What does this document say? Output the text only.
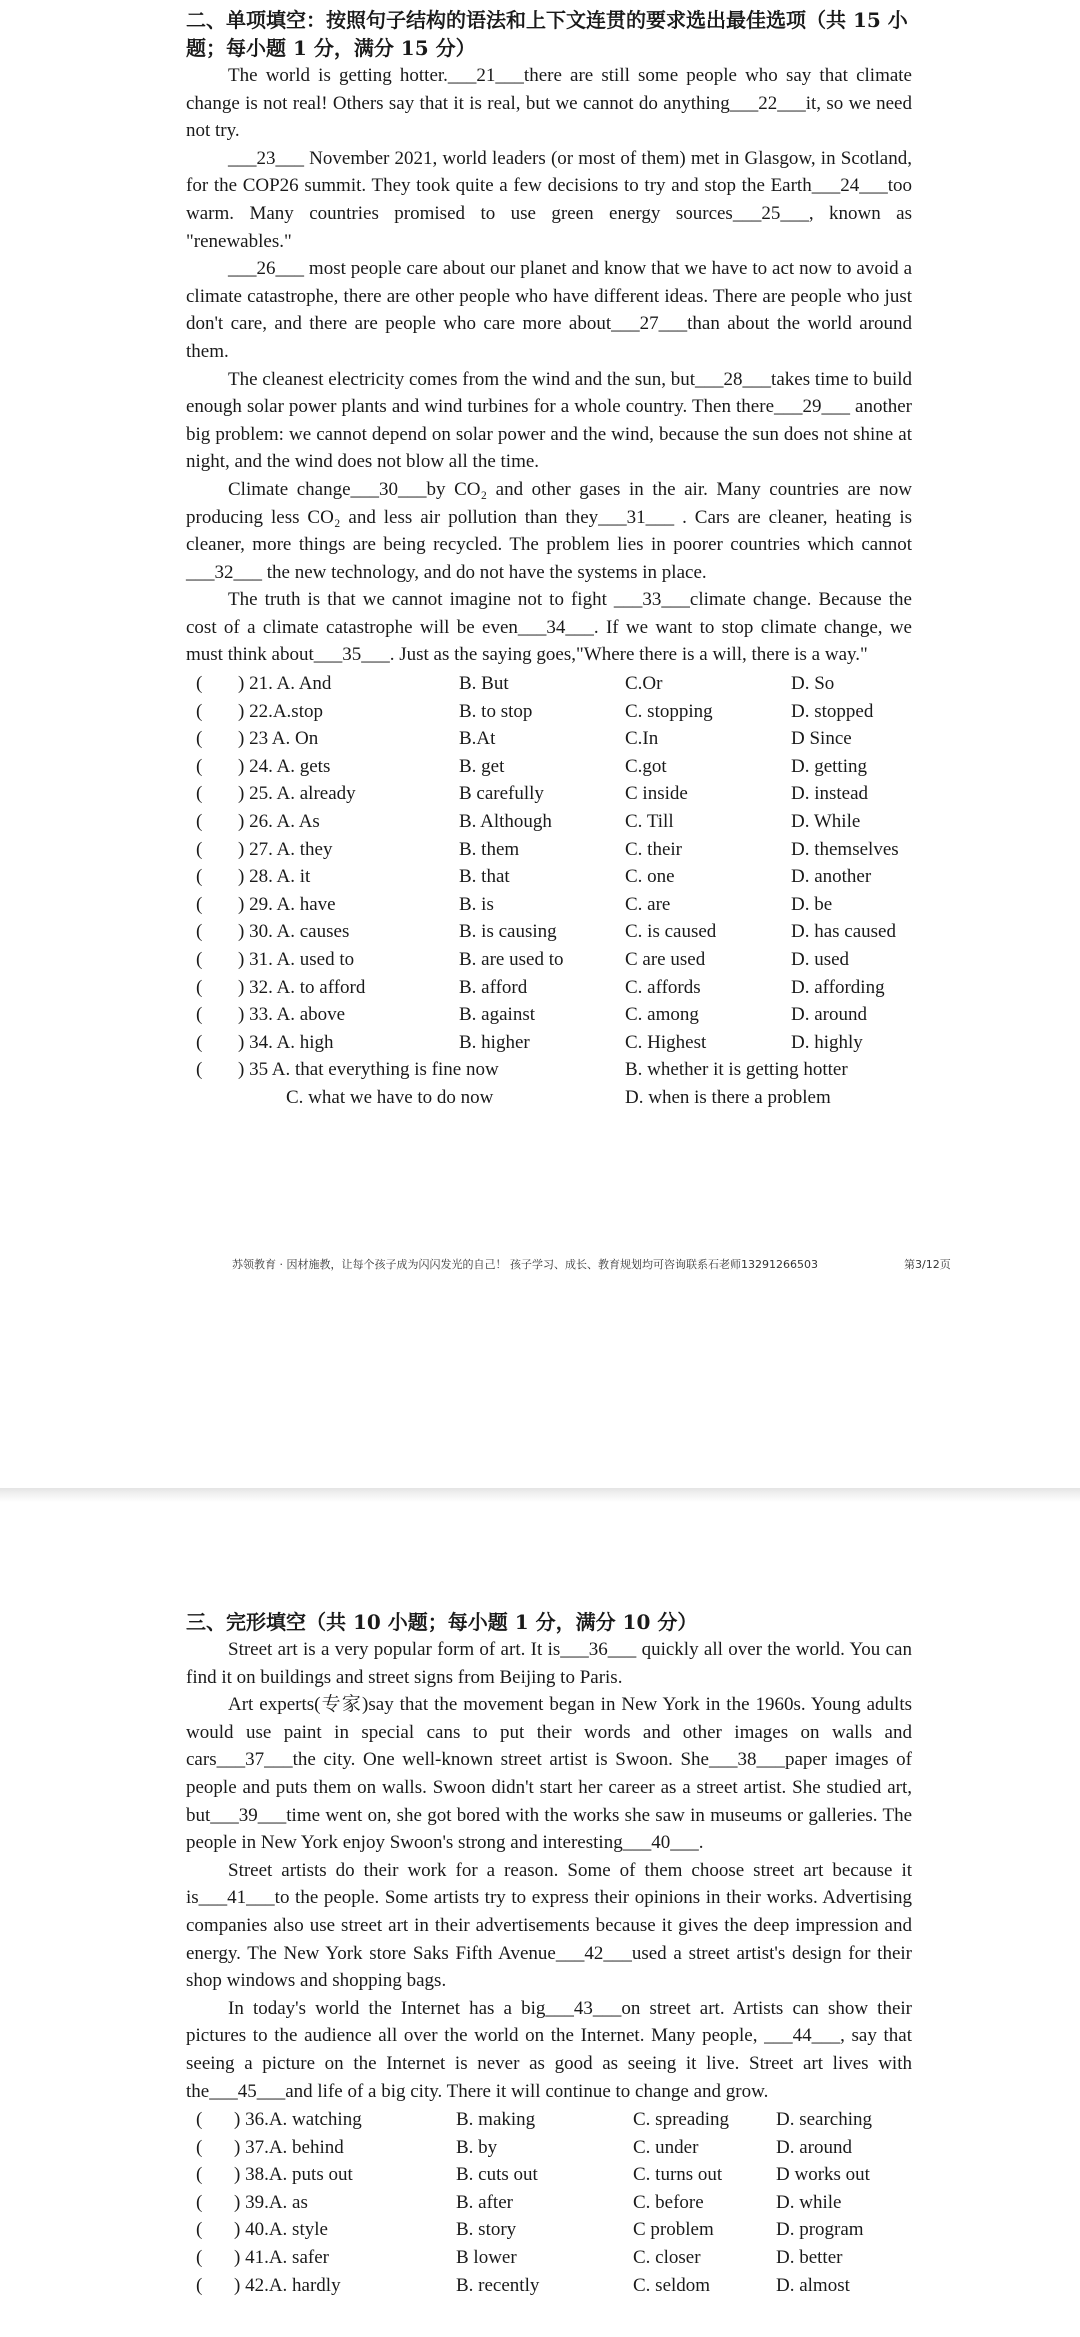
二、单项填空：按照句子结构的语法和上下文连贯的要求选出最佳选项（共 15 小题；每小题 1 分，满分 15 分）

The world is getting hotter.___21___there are still some people who say that climate change is not real! Others say that it is real, but we cannot do anything___22___it, so we need not try.

___23___ November 2021, world leaders (or most of them) met in Glasgow, in Scotland, for the COP26 summit. They took quite a few decisions to try and stop the Earth___24___too warm. Many countries promised to use green energy sources___25___, known as "renewables."

___26___ most people care about our planet and know that we have to act now to avoid a climate catastrophe, there are other people who have different ideas. There are people who just don't care, and there are people who care more about___27___than about the world around them.

The cleanest electricity comes from the wind and the sun, but___28___takes time to build enough solar power plants and wind turbines for a whole country. Then there___29___ another big problem: we cannot depend on solar power and the wind, because the sun does not shine at night, and the wind does not blow all the time.

Climate change___30___by CO₂ and other gases in the air. Many countries are now producing less CO₂ and less air pollution than they___31___ . Cars are cleaner, heating is cleaner, more things are being recycled. The problem lies in poorer countries which cannot ___32___ the new technology, and do not have the systems in place.

The truth is that we cannot imagine not to fight ___33___climate change. Because the cost of a climate catastrophe will be even___34___. If we want to stop climate change, we must think about___35___. Just as the saying goes,"Where there is a will, there is a way."

( ) 21. A. And	B. But	C.Or	D. So
( ) 22.A.stop	B. to stop	C. stopping	D. stopped
( ) 23 A. On	B.At	C.In	D Since
( ) 24. A. gets	B. get	C.got	D. getting
( ) 25. A. already	B carefully	C inside	D. instead
( ) 26. A. As	B. Although	C. Till	D. While
( ) 27. A. they	B. them	C. their	D. themselves
( ) 28. A. it	B. that	C. one	D. another
( ) 29. A. have	B. is	C. are	D. be
( ) 30. A. causes	B. is causing	C. is caused	D. has caused
( ) 31. A. used to	B. are used to	C are used	D. used
( ) 32. A. to afford	B. afford	C. affords	D. affording
( ) 33. A. above	B. against	C. among	D. around
( ) 34. A. high	B. higher	C. Highest	D. highly
( ) 35 A. that everything is fine now	B. whether it is getting hotter
C. what we have to do now	D. when is there a problem
苏领教育 · 因材施教，让每个孩子成为闪闪发光的自己！ 孩子学习、成长、教育规划均可咨询联系石老师13291266503	第3/12页

三、完形填空（共 10 小题；每小题 1 分，满分 10 分）

Street art is a very popular form of art. It is___36___ quickly all over the world. You can find it on buildings and street signs from Beijing to Paris.

Art experts(专家)say that the movement began in New York in the 1960s. Young adults would use paint in special cans to put their words and other images on walls and cars___37___the city. One well-known street artist is Swoon. She___38___paper images of people and puts them on walls. Swoon didn't start her career as a street artist. She studied art, but___39___time went on, she got bored with the works she saw in museums or galleries. The people in New York enjoy Swoon's strong and interesting___40___.

Street artists do their work for a reason. Some of them choose street art because it is___41___to the people. Some artists try to express their opinions in their works. Advertising companies also use street art in their advertisements because it gives the deep impression and energy. The New York store Saks Fifth Avenue___42___used a street artist's design for their shop windows and shopping bags.

In today's world the Internet has a big___43___on street art. Artists can show their pictures to the audience all over the world on the Internet. Many people, ___44___, say that seeing a picture on the Internet is never as good as seeing it live. Street art lives with the___45___and life of a big city. There it will continue to change and grow.

( ) 36.A. watching	B. making	C. spreading D. searching
( ) 37.A. behind	B. by	C. under	D. around
( ) 38.A. puts out	B. cuts out	C. turns out	D works out
( ) 39.A. as	B. after	C. before	D. while
( ) 40.A. style	B. story	C problem	D. program
( ) 41.A. safer	B lower	C. closer	D. better
( ) 42.A. hardly	B. recently	C. seldom	D. almost
